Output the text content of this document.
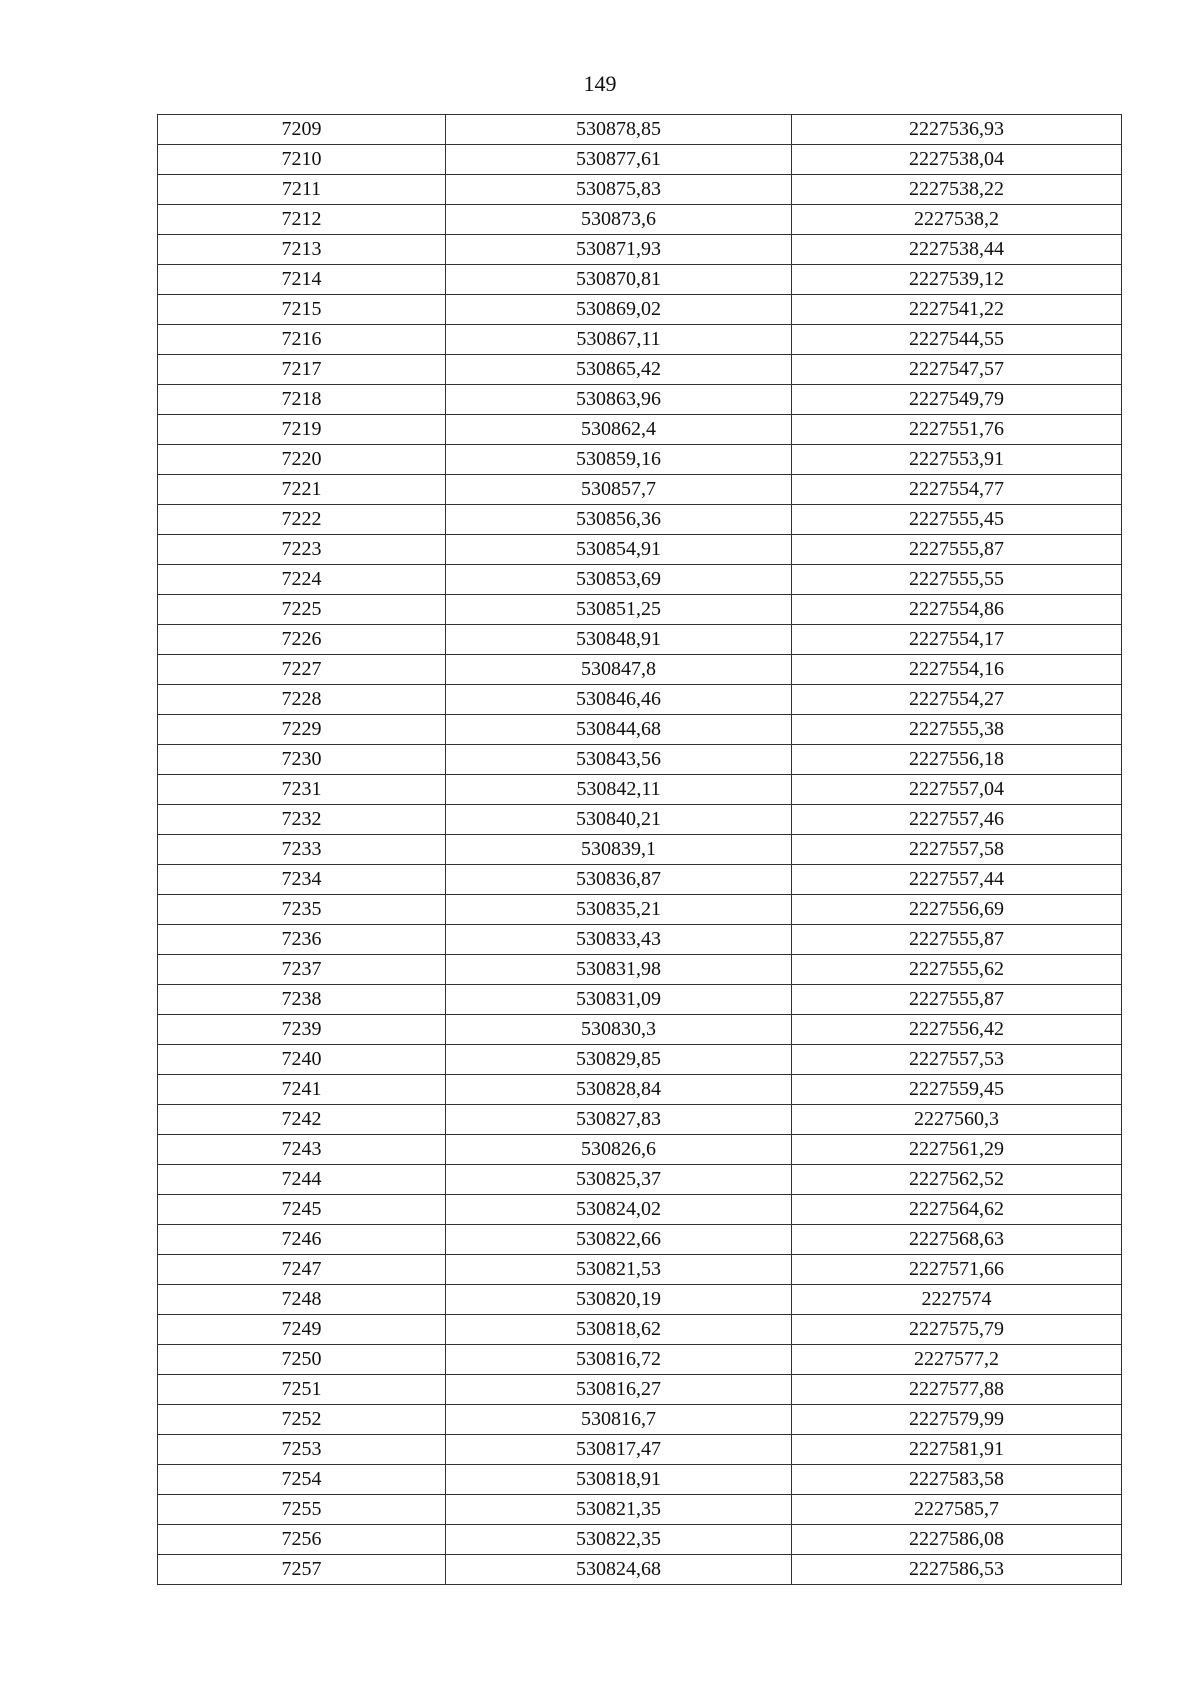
149
7209	530878,85	2227536,93
7210	530877,61	2227538,04
7211	530875,83	2227538,22
7212	530873,6	2227538,2
7213	530871,93	2227538,44
7214	530870,81	2227539,12
7215	530869,02	2227541,22
7216	530867,11	2227544,55
7217	530865,42	2227547,57
7218	530863,96	2227549,79
7219	530862,4	2227551,76
7220	530859,16	2227553,91
7221	530857,7	2227554,77
7222	530856,36	2227555,45
7223	530854,91	2227555,87
7224	530853,69	2227555,55
7225	530851,25	2227554,86
7226	530848,91	2227554,17
7227	530847,8	2227554,16
7228	530846,46	2227554,27
7229	530844,68	2227555,38
7230	530843,56	2227556,18
7231	530842,11	2227557,04
7232	530840,21	2227557,46
7233	530839,1	2227557,58
7234	530836,87	2227557,44
7235	530835,21	2227556,69
7236	530833,43	2227555,87
7237	530831,98	2227555,62
7238	530831,09	2227555,87
7239	530830,3	2227556,42
7240	530829,85	2227557,53
7241	530828,84	2227559,45
7242	530827,83	2227560,3
7243	530826,6	2227561,29
7244	530825,37	2227562,52
7245	530824,02	2227564,62
7246	530822,66	2227568,63
7247	530821,53	2227571,66
7248	530820,19	2227574
7249	530818,62	2227575,79
7250	530816,72	2227577,2
7251	530816,27	2227577,88
7252	530816,7	2227579,99
7253	530817,47	2227581,91
7254	530818,91	2227583,58
7255	530821,35	2227585,7
7256	530822,35	2227586,08
7257	530824,68	2227586,53
